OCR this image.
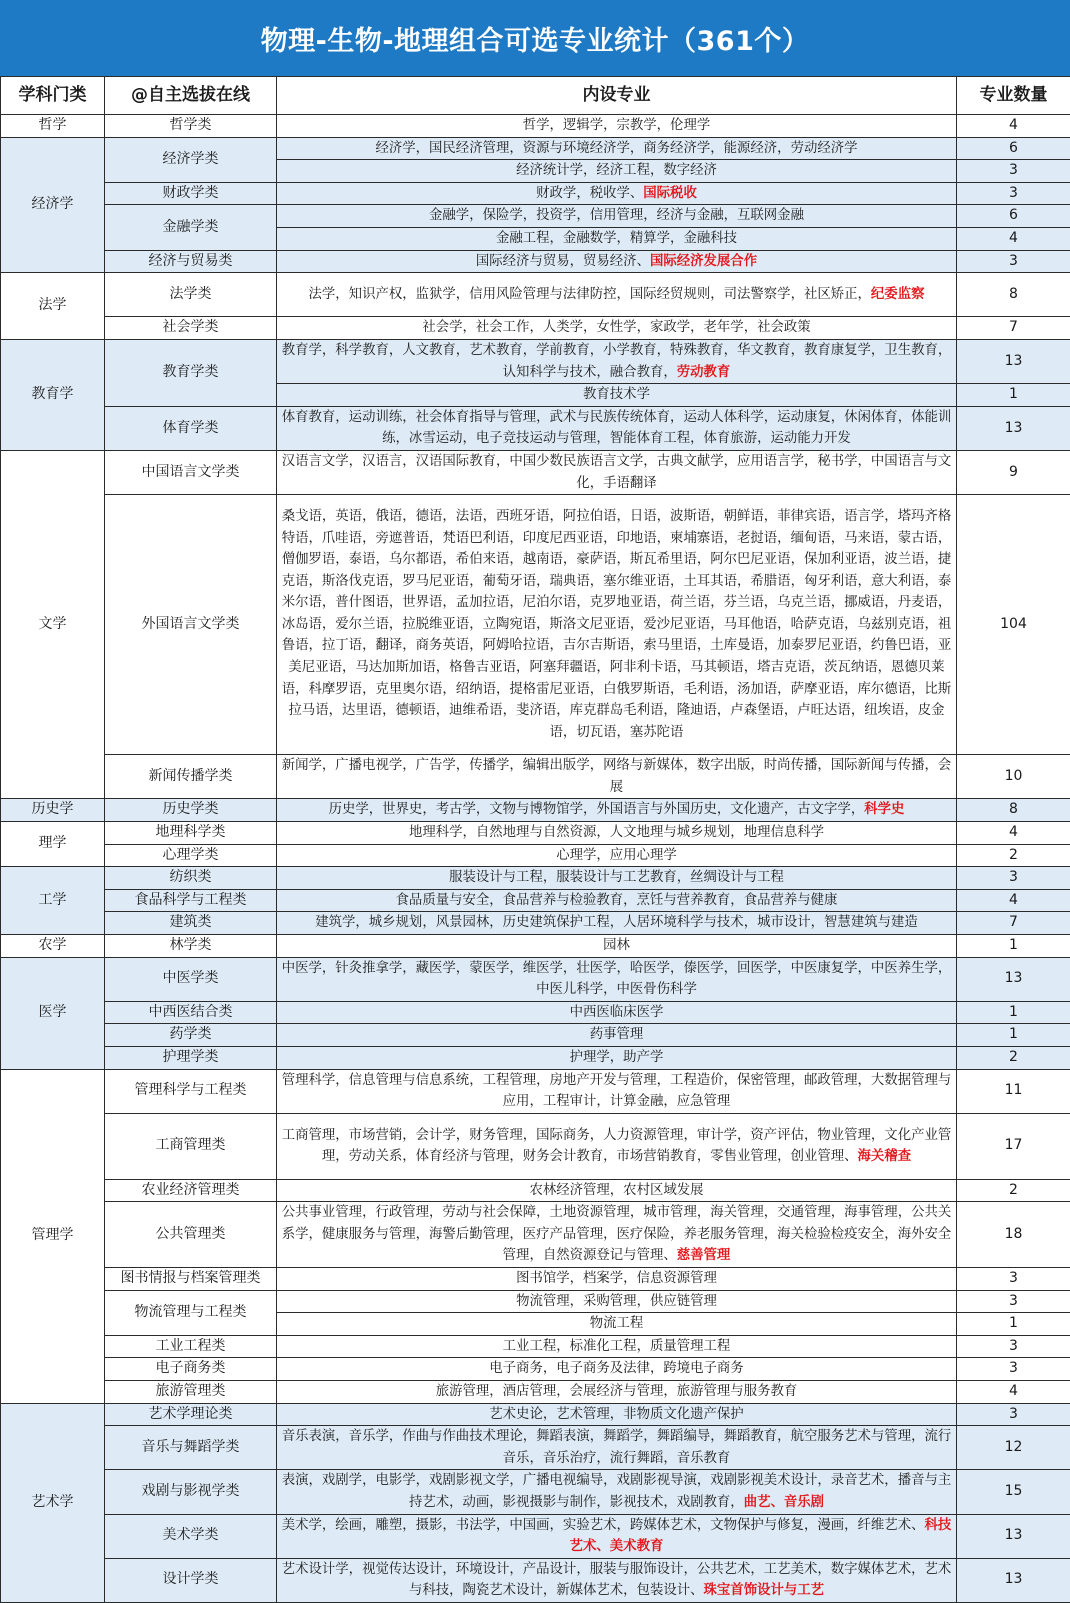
物理-生物-地理组合可选专业统计（361个）
学科门类	@自主选拔在线	内设专业	专业数量
哲学	哲学类	哲学，逻辑学，宗教学，伦理学	4
经济学	经济学类	经济学，国民经济管理，资源与环境经济学，商务经济学，能源经济，劳动经济学	6
		经济统计学，经济工程，数字经济	3
	财政学类	财政学，税收学、国际税收	3
	金融学类	金融学，保险学，投资学，信用管理，经济与金融，互联网金融	6
		金融工程，金融数学，精算学，金融科技	4
	经济与贸易类	国际经济与贸易，贸易经济、国际经济发展合作	3
法学	法学类	法学，知识产权，监狱学，信用风险管理与法律防控，国际经贸规则，司法警察学，社区矫正，纪委监察	8
	社会学类	社会学，社会工作，人类学，女性学，家政学，老年学，社会政策	7
教育学	教育学类	教育学，科学教育，人文教育，艺术教育，学前教育，小学教育，特殊教育，华文教育，教育康复学，卫生教育，认知科学与技术，融合教育，劳动教育	13
		教育技术学	1
	体育学类	体育教育，运动训练，社会体育指导与管理，武术与民族传统体育，运动人体科学，运动康复，休闲体育，体能训练，冰雪运动，电子竞技运动与管理，智能体育工程，体育旅游，运动能力开发	13
文学	中国语言文学类	汉语言文学，汉语言，汉语国际教育，中国少数民族语言文学，古典文献学，应用语言学，秘书学，中国语言与文化，手语翻译	9
	外国语言文学类	桑戈语，英语，俄语，德语，法语，西班牙语，阿拉伯语，日语，波斯语，朝鲜语，菲律宾语，语言学，塔玛齐格特语，爪哇语，旁遮普语，梵语巴利语，印度尼西亚语，印地语，柬埔寨语，老挝语，缅甸语，马来语，蒙古语，僧伽罗语，泰语，乌尔都语，希伯来语，越南语，豪萨语，斯瓦希里语，阿尔巴尼亚语，保加利亚语，波兰语，捷克语，斯洛伐克语，罗马尼亚语，葡萄牙语，瑞典语，塞尔维亚语，土耳其语，希腊语，匈牙利语，意大利语，泰米尔语，普什图语，世界语，孟加拉语，尼泊尔语，克罗地亚语，荷兰语，芬兰语，乌克兰语，挪威语，丹麦语，冰岛语，爱尔兰语，拉脱维亚语，立陶宛语，斯洛文尼亚语，爱沙尼亚语，马耳他语，哈萨克语，乌兹别克语，祖鲁语，拉丁语，翻译，商务英语，阿姆哈拉语，吉尔吉斯语，索马里语，土库曼语，加泰罗尼亚语，约鲁巴语，亚美尼亚语，马达加斯加语，格鲁吉亚语，阿塞拜疆语，阿非利卡语，马其顿语，塔吉克语，茨瓦纳语，恩德贝莱语，科摩罗语，克里奥尔语，绍纳语，提格雷尼亚语，白俄罗斯语，毛利语，汤加语，萨摩亚语，库尔德语，比斯拉马语，达里语，德顿语，迪维希语，斐济语，库克群岛毛利语，隆迪语，卢森堡语，卢旺达语，纽埃语，皮金语，切瓦语，塞苏陀语	104
	新闻传播学类	新闻学，广播电视学，广告学，传播学，编辑出版学，网络与新媒体，数字出版，时尚传播，国际新闻与传播，会展	10
历史学	历史学类	历史学，世界史，考古学，文物与博物馆学，外国语言与外国历史，文化遗产，古文字学，科学史	8
理学	地理科学类	地理科学，自然地理与自然资源，人文地理与城乡规划，地理信息科学	4
	心理学类	心理学，应用心理学	2
工学	纺织类	服装设计与工程，服装设计与工艺教育，丝绸设计与工程	3
	食品科学与工程类	食品质量与安全，食品营养与检验教育，烹饪与营养教育，食品营养与健康	4
	建筑类	建筑学，城乡规划，风景园林，历史建筑保护工程，人居环境科学与技术，城市设计，智慧建筑与建造	7
农学	林学类	园林	1
医学	中医学类	中医学，针灸推拿学，藏医学，蒙医学，维医学，壮医学，哈医学，傣医学，回医学，中医康复学，中医养生学，中医儿科学，中医骨伤科学	13
	中西医结合类	中西医临床医学	1
	药学类	药事管理	1
	护理学类	护理学，助产学	2
管理学	管理科学与工程类	管理科学，信息管理与信息系统，工程管理，房地产开发与管理，工程造价，保密管理，邮政管理，大数据管理与应用，工程审计，计算金融，应急管理	11
	工商管理类	工商管理，市场营销，会计学，财务管理，国际商务，人力资源管理，审计学，资产评估，物业管理，文化产业管理，劳动关系，体育经济与管理，财务会计教育，市场营销教育，零售业管理，创业管理、海关稽查	17
	农业经济管理类	农林经济管理，农村区域发展	2
	公共管理类	公共事业管理，行政管理，劳动与社会保障，土地资源管理，城市管理，海关管理，交通管理，海事管理，公共关系学，健康服务与管理，海警后勤管理，医疗产品管理，医疗保险，养老服务管理，海关检验检疫安全，海外安全管理，自然资源登记与管理、慈善管理	18
	图书情报与档案管理类	图书馆学，档案学，信息资源管理	3
	物流管理与工程类	物流管理，采购管理，供应链管理	3
		物流工程	1
	工业工程类	工业工程，标准化工程，质量管理工程	3
	电子商务类	电子商务，电子商务及法律，跨境电子商务	3
	旅游管理类	旅游管理，酒店管理，会展经济与管理，旅游管理与服务教育	4
艺术学	艺术学理论类	艺术史论，艺术管理，非物质文化遗产保护	3
	音乐与舞蹈学类	音乐表演，音乐学，作曲与作曲技术理论，舞蹈表演，舞蹈学，舞蹈编导，舞蹈教育，航空服务艺术与管理，流行音乐，音乐治疗，流行舞蹈，音乐教育	12
	戏剧与影视学类	表演，戏剧学，电影学，戏剧影视文学，广播电视编导，戏剧影视导演，戏剧影视美术设计，录音艺术，播音与主持艺术，动画，影视摄影与制作，影视技术，戏剧教育，曲艺、音乐剧	15
	美术学类	美术学，绘画，雕塑，摄影，书法学，中国画，实验艺术，跨媒体艺术，文物保护与修复，漫画，纤维艺术、科技艺术、美术教育	13
	设计学类	艺术设计学，视觉传达设计，环境设计，产品设计，服装与服饰设计，公共艺术，工艺美术，数字媒体艺术，艺术与科技，陶瓷艺术设计，新媒体艺术，包装设计、珠宝首饰设计与工艺	13
